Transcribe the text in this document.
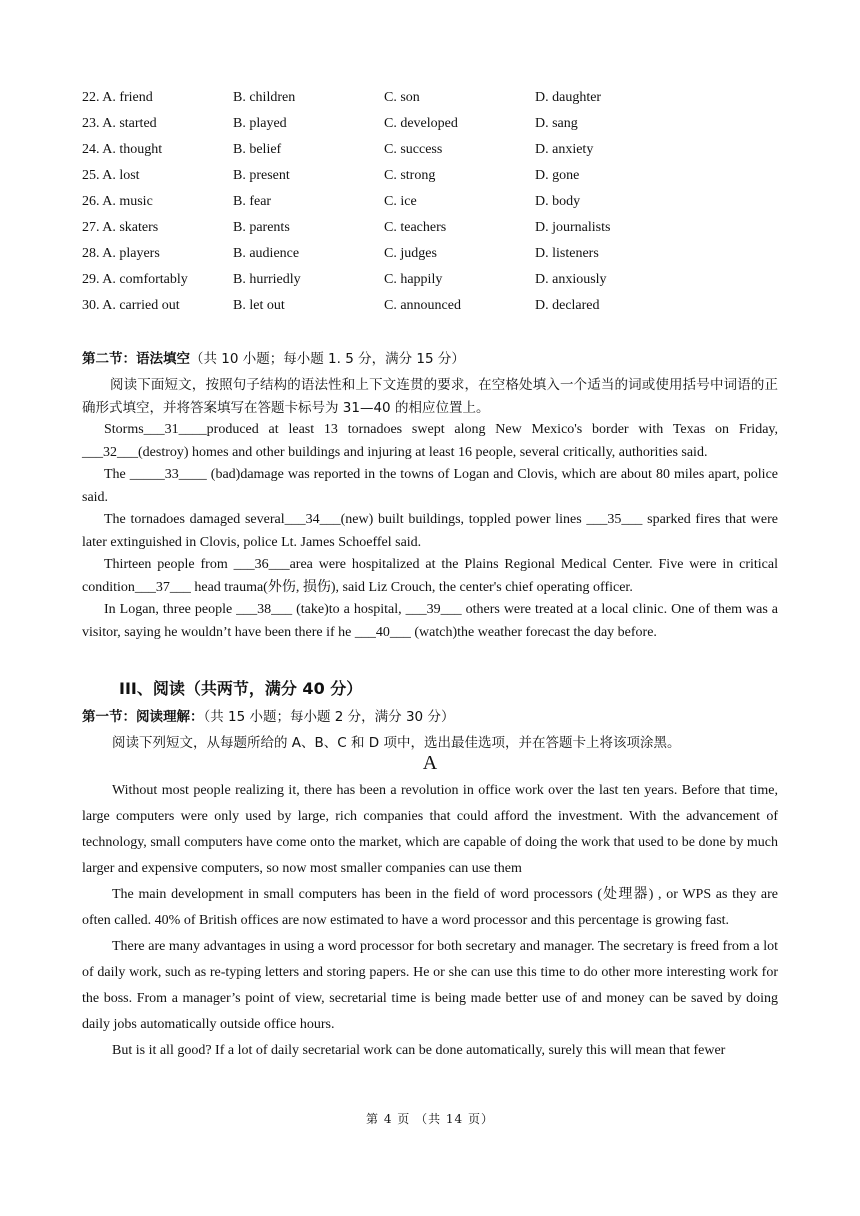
22. A. friend	B. children	C. son	D. daughter
23. A. started	B. played	C. developed	D. sang
24. A. thought	B. belief	C. success	D. anxiety
25. A. lost	B. present	C. strong	D. gone
26. A. music	B. fear	C. ice	D. body
27. A. skaters	B. parents	C. teachers	D. journalists
28. A. players	B. audience	C. judges	D. listeners
29. A. comfortably	B. hurriedly	C. happily	D. anxiously
30. A. carried out	B. let out	C. announced	D. declared
第二节：语法填空（共 10 小题；每小题 1. 5 分，满分 15 分）

阅读下面短文，按照句子结构的语法性和上下文连贯的要求，在空格处填入一个适当的词或使用括号中词语的正确形式填空，并将答案填写在答题卡标号为 31—40 的相应位置上。

Storms___31____produced at least 13 tornadoes swept along New Mexico's border with Texas on Friday, ___32___(destroy) homes and other buildings and injuring at least 16 people, several critically, authorities said.

The _____33____ (bad)damage was reported in the towns of Logan and Clovis, which are about 80 miles apart, police said.

The tornadoes damaged several___34___(new) built buildings, toppled power lines ___35___ sparked fires that were later extinguished in Clovis, police Lt. James Schoeffel said.

Thirteen people from ___36___area were hospitalized at the Plains Regional Medical Center. Five were in critical condition___37___ head trauma(外伤, 损伤), said Liz Crouch, the center's chief operating officer.

In Logan, three people ___38___ (take)to a hospital, ___39___ others were treated at a local clinic. One of them was a visitor, saying he wouldn’t have been there if he ___40___ (watch)the weather forecast the day before.

III、阅读（共两节，满分 40 分）
第一节：阅读理解：（共 15 小题；每小题 2 分，满分 30 分）
阅读下列短文，从每题所给的 A、B、C 和 D 项中，选出最佳选项，并在答题卡上将该项涂黑。
A

Without most people realizing it, there has been a revolution in office work over the last ten years. Before that time, large computers were only used by large, rich companies that could afford the investment. With the advancement of technology, small computers have come onto the market, which are capable of doing the work that used to be done by much larger and expensive computers, so now most smaller companies can use them

The main development in small computers has been in the field of word processors (处理器) , or WPS as they are often called. 40% of British offices are now estimated to have a word processor and this percentage is growing fast.

There are many advantages in using a word processor for both secretary and manager. The secretary is freed from a lot of daily work, such as re-typing letters and storing papers. He or she can use this time to do other more interesting work for the boss. From a manager’s point of view, secretarial time is being made better use of and money can be saved by doing daily jobs automatically outside office hours.

But is it all good? If a lot of daily secretarial work can be done automatically, surely this will mean that fewer

第 4 页 （共 14 页）
